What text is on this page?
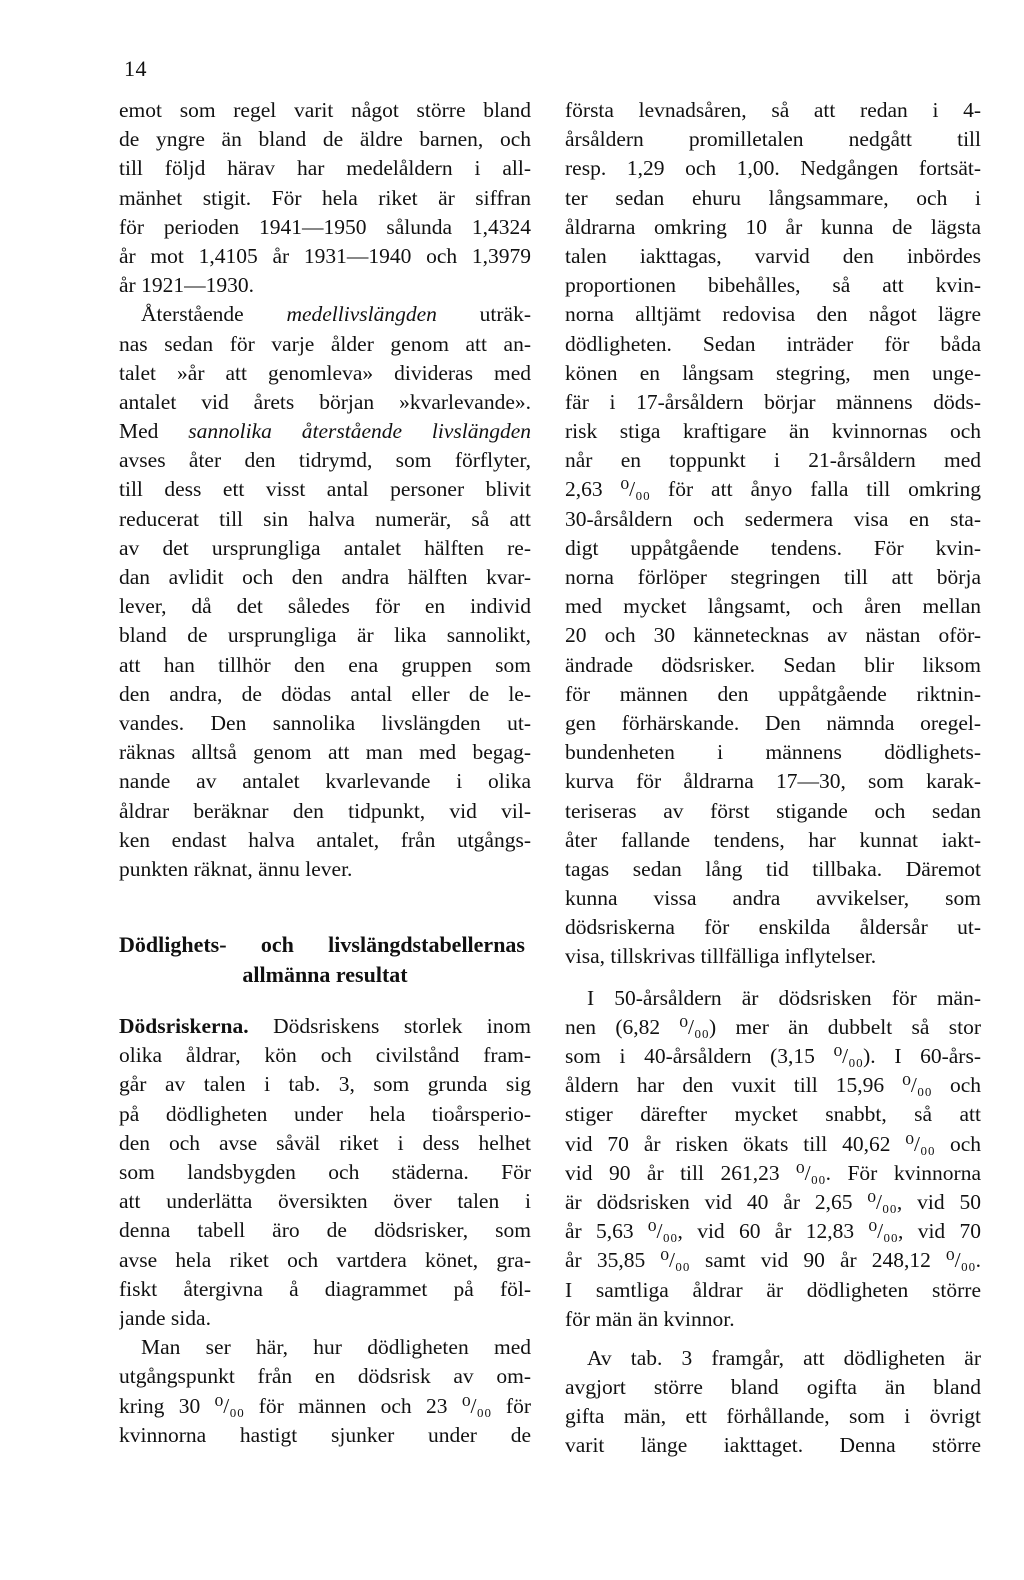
14
emot som regel varit något större bland
de yngre än bland de äldre barnen, och
till följd härav har medelåldern i all-
mänhet stigit. För hela riket är siffran
för perioden 1941—1950 sålunda 1,4324
år mot 1,4105 år 1931—1940 och 1,3979
år 1921—1930.
Återstående medellivslängden uträk-
nas sedan för varje ålder genom att an-
talet »år att genomleva» divideras med
antalet vid årets början »kvarlevande».
Med sannolika återstående livslängden
avses åter den tidrymd, som förflyter,
till dess ett visst antal personer blivit
reducerat till sin halva numerär, så att
av det ursprungliga antalet hälften re-
dan avlidit och den andra hälften kvar-
lever, då det således för en individ
bland de ursprungliga är lika sannolikt,
att han tillhör den ena gruppen som
den andra, de dödas antal eller de le-
vandes. Den sannolika livslängden ut-
räknas alltså genom att man med begag-
nande av antalet kvarlevande i olika
åldrar beräknar den tidpunkt, vid vil-
ken endast halva antalet, från utgångs-
punkten räknat, ännu lever.
Dödlighets- och livslängdstabellernas
allmänna resultat
Dödsriskerna. Dödsriskens storlek inom
olika åldrar, kön och civilstånd fram-
går av talen i tab. 3, som grunda sig
på dödligheten under hela tioårsperio-
den och avse såväl riket i dess helhet
som landsbygden och städerna. För
att underlätta översikten över talen i
denna tabell äro de dödsrisker, som
avse hela riket och vartdera könet, gra-
fiskt återgivna å diagrammet på föl-
jande sida.
Man ser här, hur dödligheten med
utgångspunkt från en dödsrisk av om-
kring 30 ⁰/₀₀ för männen och 23 ⁰/₀₀ för
kvinnorna hastigt sjunker under de
första levnadsåren, så att redan i 4-
årsåldern promilletalen nedgått till
resp. 1,29 och 1,00. Nedgången fortsät-
ter sedan ehuru långsammare, och i
åldrarna omkring 10 år kunna de lägsta
talen iakttagas, varvid den inbördes
proportionen bibehålles, så att kvin-
norna alltjämt redovisa den något lägre
dödligheten. Sedan inträder för båda
könen en långsam stegring, men unge-
fär i 17-årsåldern börjar männens döds-
risk stiga kraftigare än kvinnornas och
når en toppunkt i 21-årsåldern med
2,63 ⁰/₀₀ för att ånyo falla till omkring
30-årsåldern och sedermera visa en sta-
digt uppåtgående tendens. För kvin-
norna förlöper stegringen till att börja
med mycket långsamt, och åren mellan
20 och 30 kännetecknas av nästan oför-
ändrade dödsrisker. Sedan blir liksom
för männen den uppåtgående riktnin-
gen förhärskande. Den nämnda oregel-
bundenheten i männens dödlighets-
kurva för åldrarna 17—30, som karak-
teriseras av först stigande och sedan
åter fallande tendens, har kunnat iakt-
tagas sedan lång tid tillbaka. Däremot
kunna vissa andra avvikelser, som
dödsriskerna för enskilda åldersår ut-
visa, tillskrivas tillfälliga inflytelser.
I 50-årsåldern är dödsrisken för män-
nen (6,82 ⁰/₀₀) mer än dubbelt så stor
som i 40-årsåldern (3,15 ⁰/₀₀). I 60-års-
åldern har den vuxit till 15,96 ⁰/₀₀ och
stiger därefter mycket snabbt, så att
vid 70 år risken ökats till 40,62 ⁰/₀₀ och
vid 90 år till 261,23 ⁰/₀₀. För kvinnorna
är dödsrisken vid 40 år 2,65 ⁰/₀₀, vid 50
år 5,63 ⁰/₀₀, vid 60 år 12,83 ⁰/₀₀, vid 70
år 35,85 ⁰/₀₀ samt vid 90 år 248,12 ⁰/₀₀.
I samtliga åldrar är dödligheten större
för män än kvinnor.
Av tab. 3 framgår, att dödligheten är
avgjort större bland ogifta än bland
gifta män, ett förhållande, som i övrigt
varit länge iakttaget. Denna större
